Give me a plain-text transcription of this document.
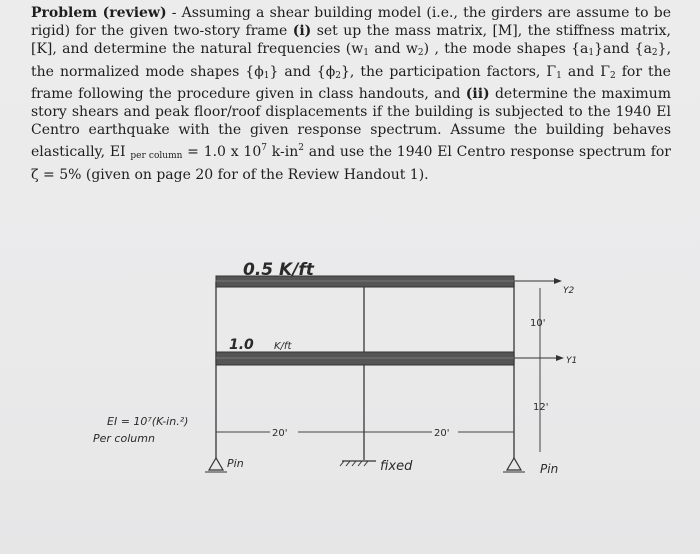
Problem (review) - Assuming a shear building model (i.e., the girders are assume to be rigid) for the given two-story frame (i) set up the mass matrix, [M], the stiffness matrix, [K], and determine the natural frequencies ($w_1$ and $w_2$) , the mode shapes $\{a_1\}and$ $\{a_2\}$, the normalized mode shapes $\{\phi_1\}$ and $\{\phi_2\}$, the participation factors, $\Gamma_1$ and $\Gamma_2$ for the frame following the procedure given in class handouts, and (ii) determine the maximum story shears and peak floor/roof displacements if the building is subjected to the 1940 El Centro earthquake with the given response spectrum. Assume the building behaves elastically, EI $_{per column}$ = 1.0 x $10^7$ $k-in^2$ and use the 1940 El Centro response spectrum for ζ = 5% (given on page 20 for of the Review Handout 1).
0.5 K/ft
1.0 K/ft
Y2
Y1
10'
12'
20'	20'
EI = 10⁷(K-in.²)
Per column
Pin	fixed	Pin
